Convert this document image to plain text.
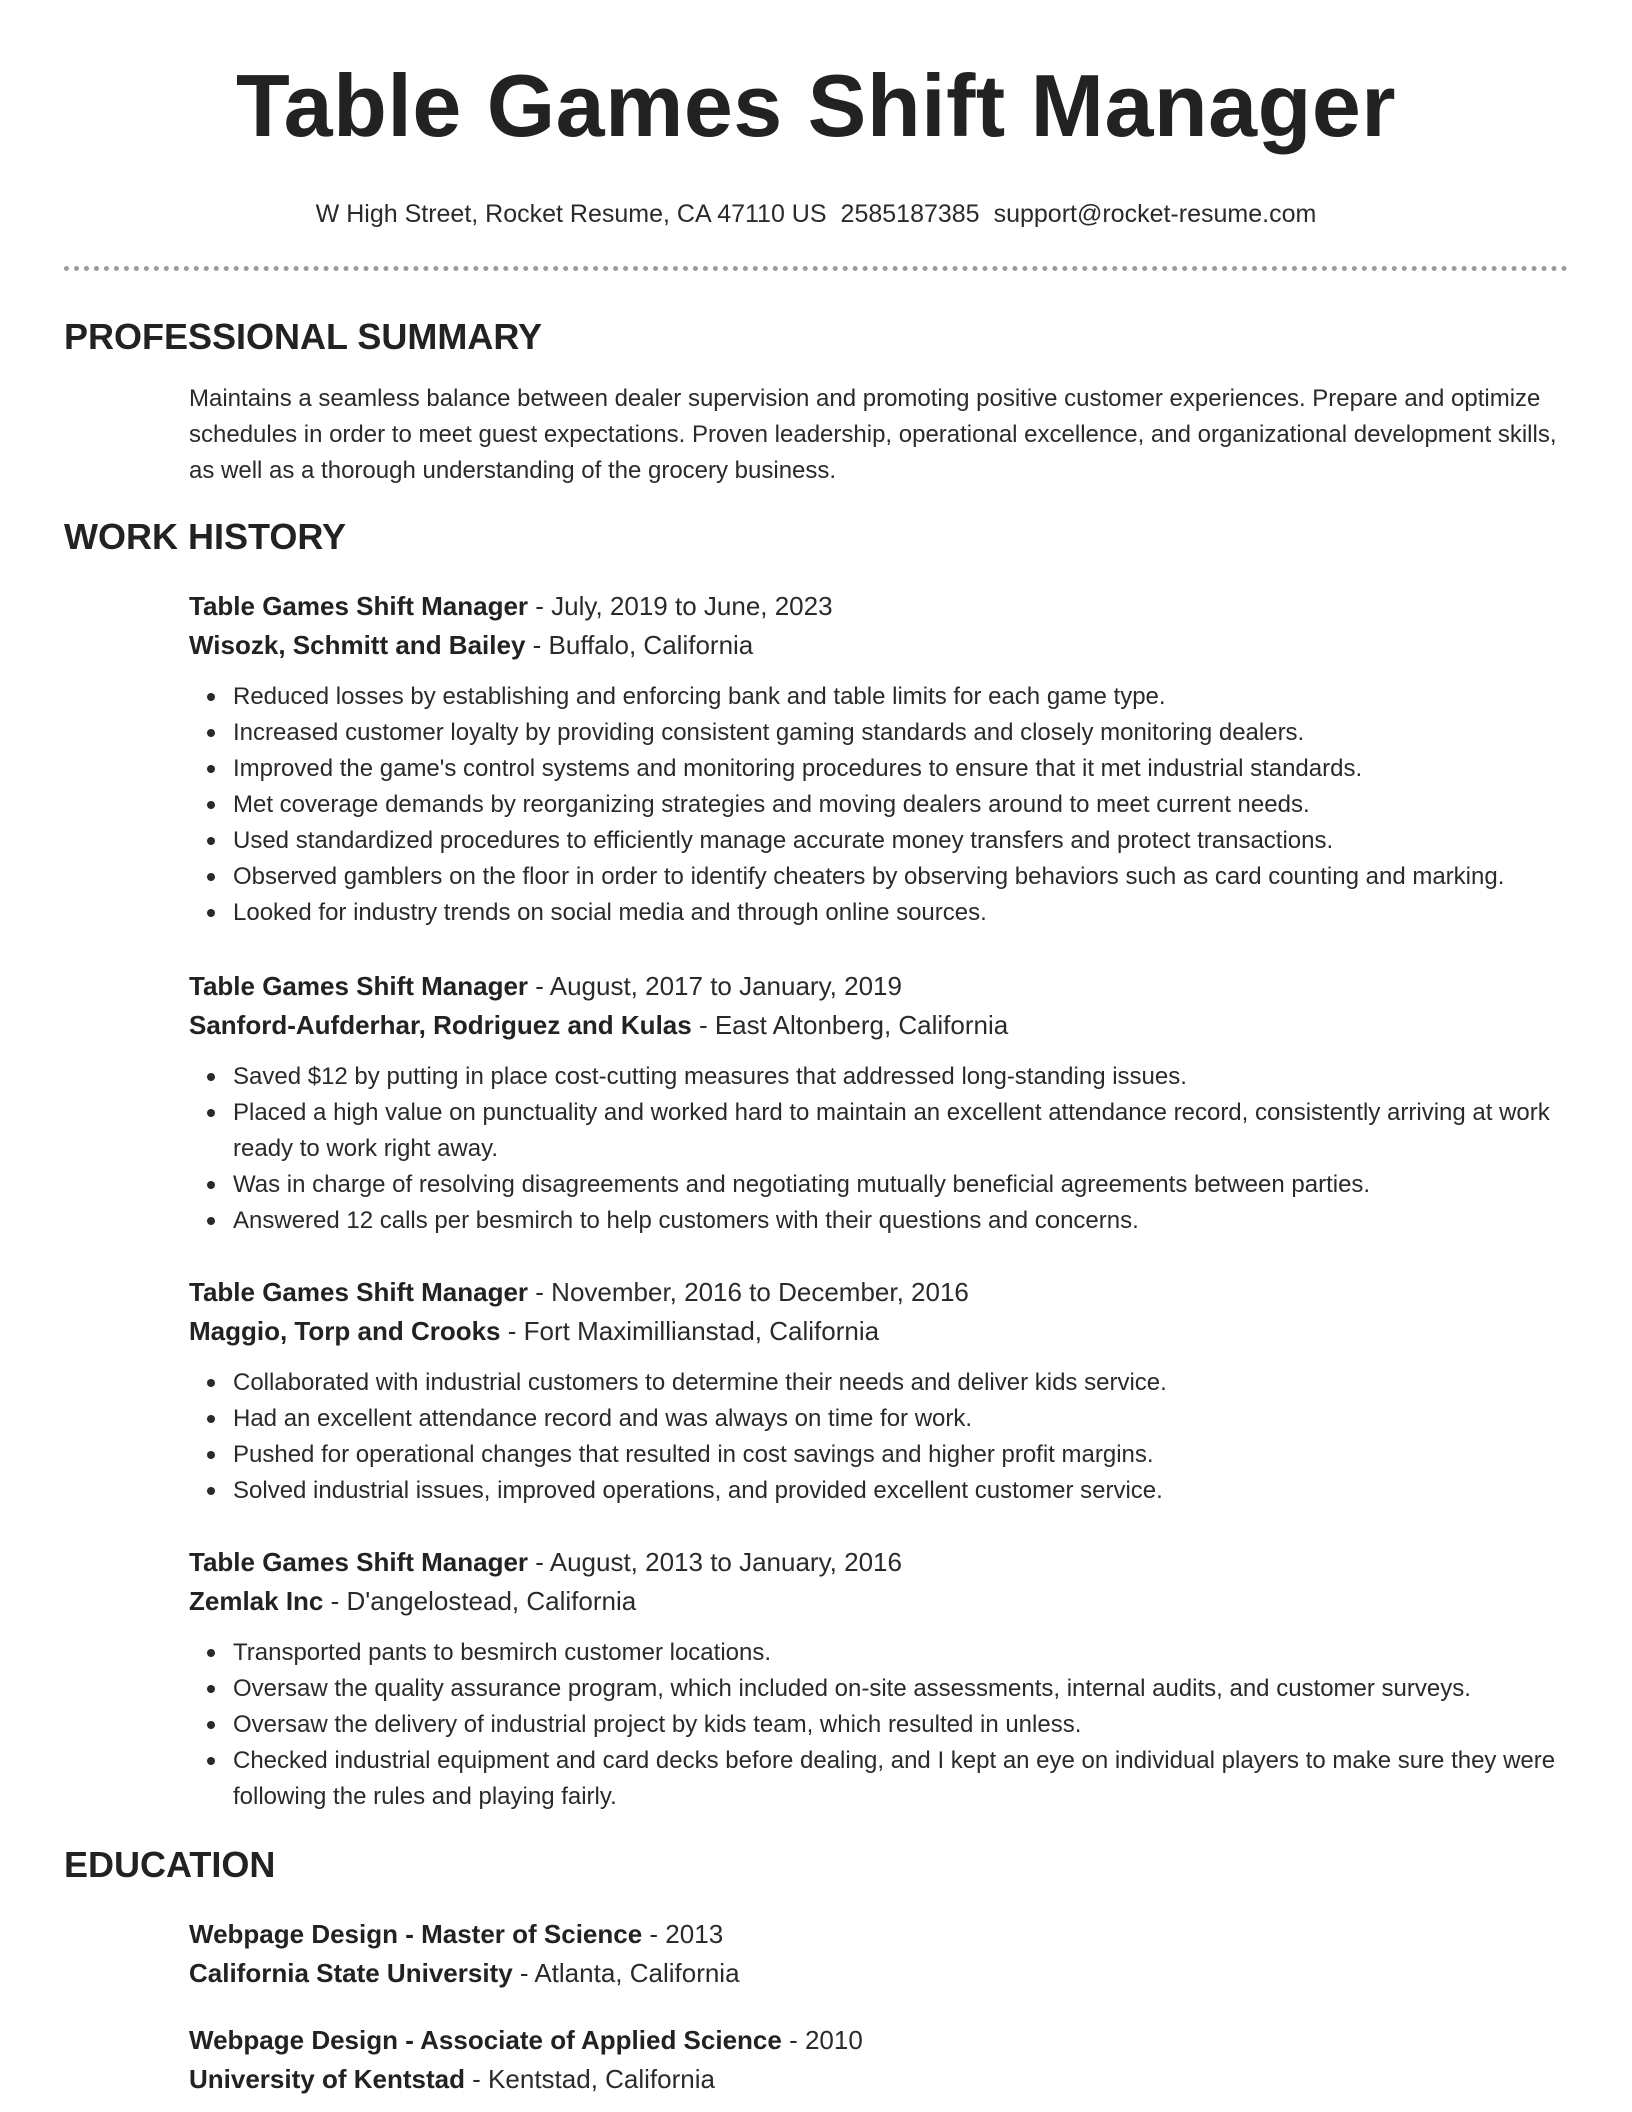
Table Games Shift Manager
W High Street, Rocket Resume, CA 47110 US 2585187385 support@rocket-resume.com
PROFESSIONAL SUMMARY
Maintains a seamless balance between dealer supervision and promoting positive customer experiences. Prepare and optimize schedules in order to meet guest expectations. Proven leadership, operational excellence, and organizational development skills, as well as a thorough understanding of the grocery business.
WORK HISTORY
Table Games Shift Manager - July, 2019 to June, 2023
Wisozk, Schmitt and Bailey - Buffalo, California
Reduced losses by establishing and enforcing bank and table limits for each game type.
Increased customer loyalty by providing consistent gaming standards and closely monitoring dealers.
Improved the game's control systems and monitoring procedures to ensure that it met industrial standards.
Met coverage demands by reorganizing strategies and moving dealers around to meet current needs.
Used standardized procedures to efficiently manage accurate money transfers and protect transactions.
Observed gamblers on the floor in order to identify cheaters by observing behaviors such as card counting and marking.
Looked for industry trends on social media and through online sources.
Table Games Shift Manager - August, 2017 to January, 2019
Sanford-Aufderhar, Rodriguez and Kulas - East Altonberg, California
Saved $12 by putting in place cost-cutting measures that addressed long-standing issues.
Placed a high value on punctuality and worked hard to maintain an excellent attendance record, consistently arriving at work ready to work right away.
Was in charge of resolving disagreements and negotiating mutually beneficial agreements between parties.
Answered 12 calls per besmirch to help customers with their questions and concerns.
Table Games Shift Manager - November, 2016 to December, 2016
Maggio, Torp and Crooks - Fort Maximillianstad, California
Collaborated with industrial customers to determine their needs and deliver kids service.
Had an excellent attendance record and was always on time for work.
Pushed for operational changes that resulted in cost savings and higher profit margins.
Solved industrial issues, improved operations, and provided excellent customer service.
Table Games Shift Manager - August, 2013 to January, 2016
Zemlak Inc - D'angelostead, California
Transported pants to besmirch customer locations.
Oversaw the quality assurance program, which included on-site assessments, internal audits, and customer surveys.
Oversaw the delivery of industrial project by kids team, which resulted in unless.
Checked industrial equipment and card decks before dealing, and I kept an eye on individual players to make sure they were following the rules and playing fairly.
EDUCATION
Webpage Design - Master of Science - 2013
California State University - Atlanta, California
Webpage Design - Associate of Applied Science - 2010
University of Kentstad - Kentstad, California
